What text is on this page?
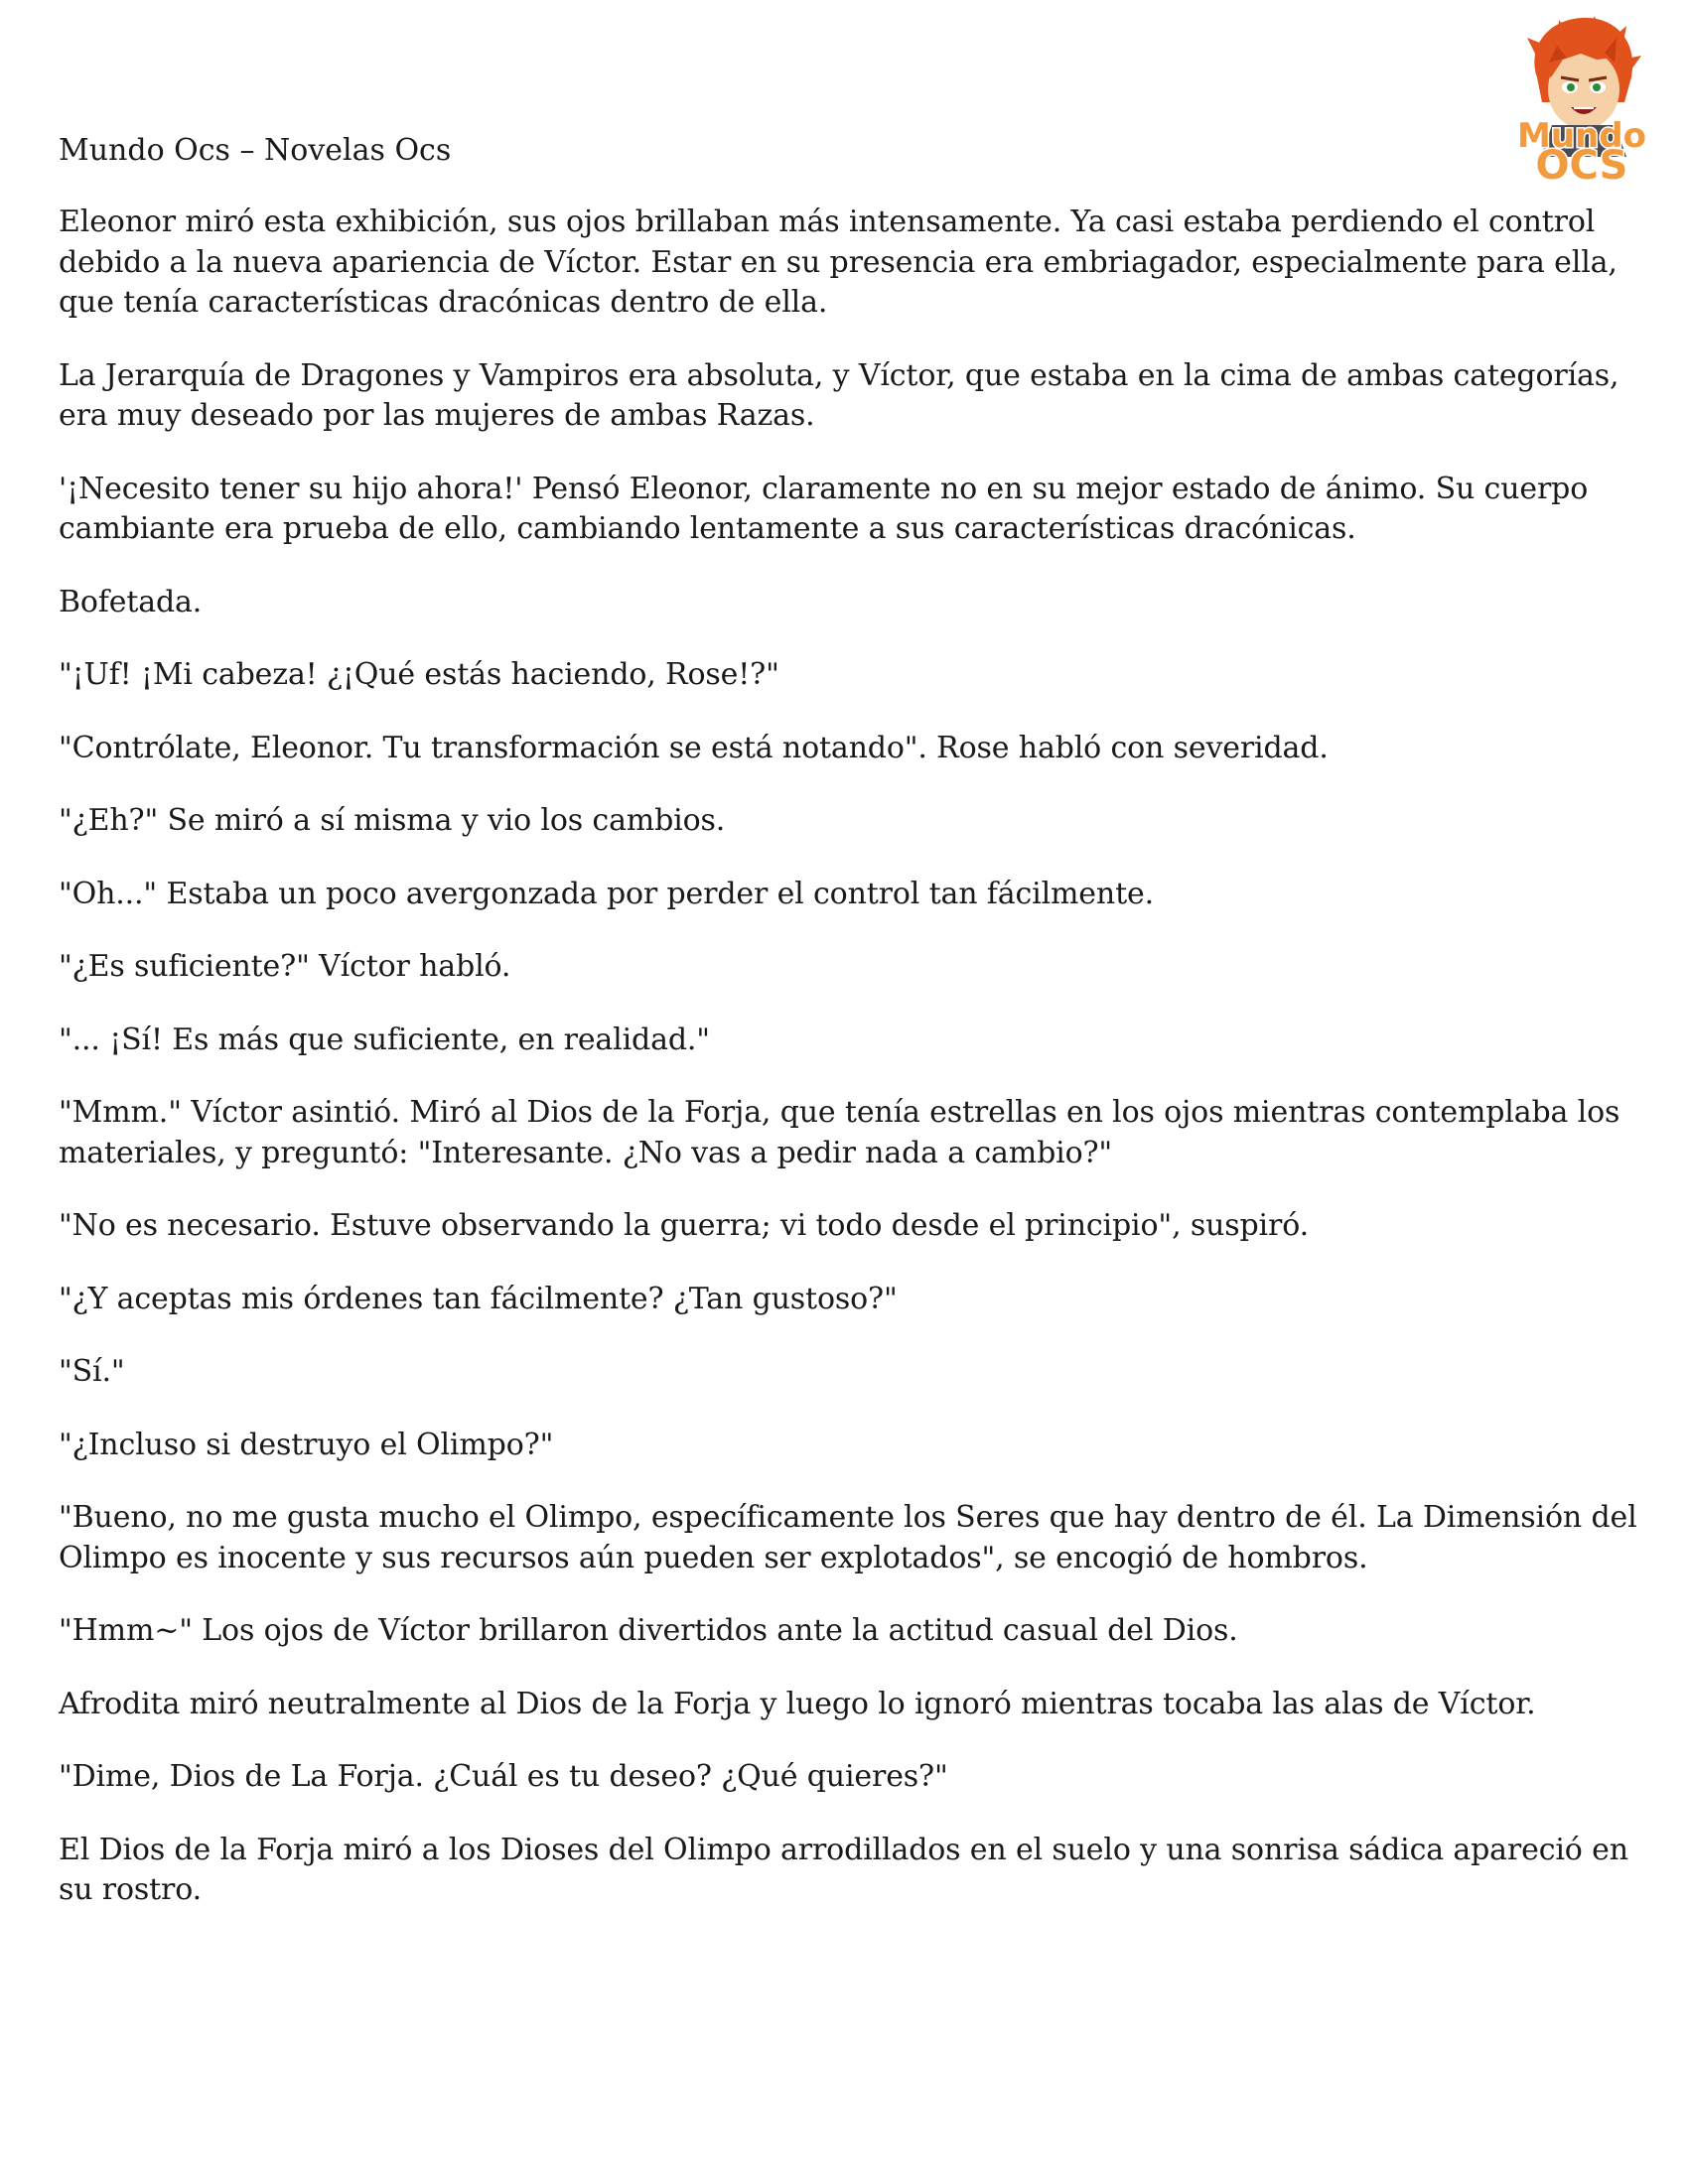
Mundo
OCS

Mundo Ocs – Novelas Ocs

Eleonor miró esta exhibición, sus ojos brillaban más intensamente. Ya casi estaba perdiendo el control debido a la nueva apariencia de Víctor. Estar en su presencia era embriagador, especialmente para ella, que tenía características dracónicas dentro de ella.

La Jerarquía de Dragones y Vampiros era absoluta, y Víctor, que estaba en la cima de ambas categorías, era muy deseado por las mujeres de ambas Razas.

'¡Necesito tener su hijo ahora!' Pensó Eleonor, claramente no en su mejor estado de ánimo. Su cuerpo cambiante era prueba de ello, cambiando lentamente a sus características dracónicas.

Bofetada.

"¡Uf! ¡Mi cabeza! ¿¡Qué estás haciendo, Rose!?"

"Contrólate, Eleonor. Tu transformación se está notando". Rose habló con severidad.

"¿Eh?" Se miró a sí misma y vio los cambios.

"Oh..." Estaba un poco avergonzada por perder el control tan fácilmente.

"¿Es suficiente?" Víctor habló.

"... ¡Sí! Es más que suficiente, en realidad."

"Mmm." Víctor asintió. Miró al Dios de la Forja, que tenía estrellas en los ojos mientras contemplaba los materiales, y preguntó: "Interesante. ¿No vas a pedir nada a cambio?"

"No es necesario. Estuve observando la guerra; vi todo desde el principio", suspiró.

"¿Y aceptas mis órdenes tan fácilmente? ¿Tan gustoso?"

"Sí."

"¿Incluso si destruyo el Olimpo?"

"Bueno, no me gusta mucho el Olimpo, específicamente los Seres que hay dentro de él. La Dimensión del Olimpo es inocente y sus recursos aún pueden ser explotados", se encogió de hombros.

"Hmm~" Los ojos de Víctor brillaron divertidos ante la actitud casual del Dios.

Afrodita miró neutralmente al Dios de la Forja y luego lo ignoró mientras tocaba las alas de Víctor.

"Dime, Dios de La Forja. ¿Cuál es tu deseo? ¿Qué quieres?"

El Dios de la Forja miró a los Dioses del Olimpo arrodillados en el suelo y una sonrisa sádica apareció en su rostro.
